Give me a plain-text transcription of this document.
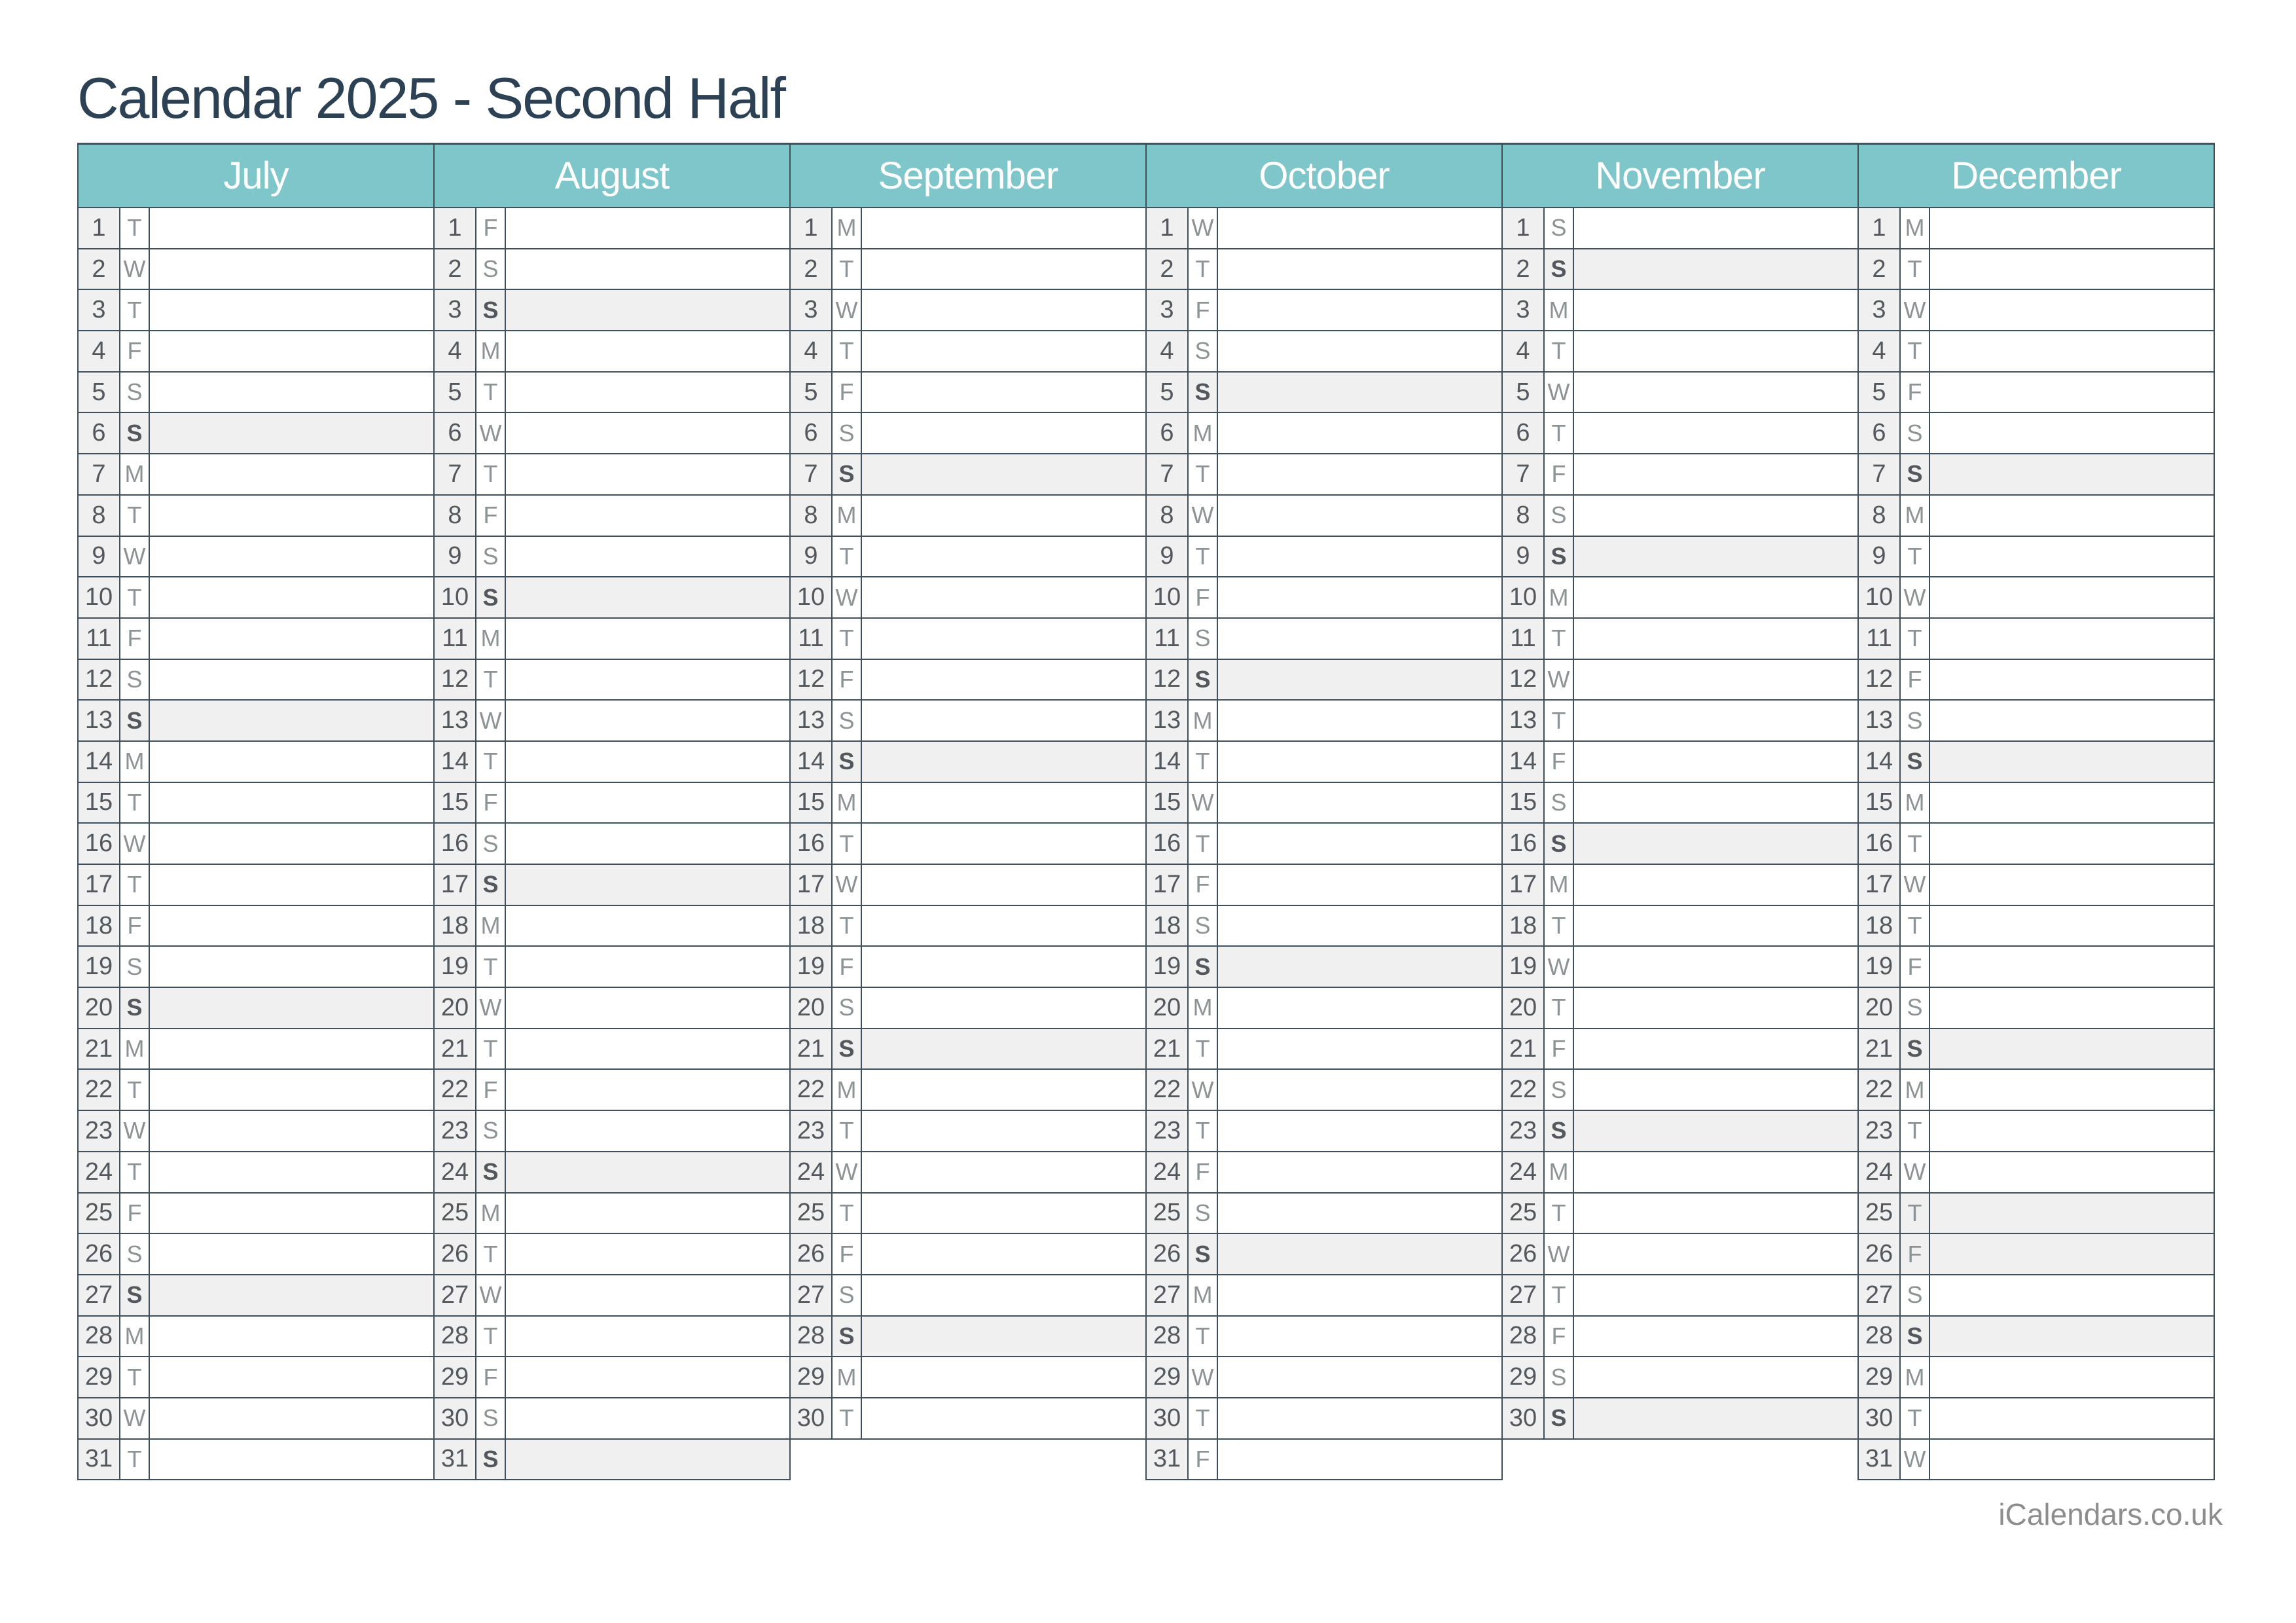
Calendar 2025 - Second Half
July
1 T
2 W
3 T
4 F
5 S
6 S
7 M
8 T
9 W
10 T
11 F
12 S
13 S
14 M
15 T
16 W
17 T
18 F
19 S
20 S
21 M
22 T
23 W
24 T
25 F
26 S
27 S
28 M
29 T
30 W
31 T
August
1 F
2 S
3 S
4 M
5 T
6 W
7 T
8 F
9 S
10 S
11 M
12 T
13 W
14 T
15 F
16 S
17 S
18 M
19 T
20 W
21 T
22 F
23 S
24 S
25 M
26 T
27 W
28 T
29 F
30 S
31 S
September
1 M
2 T
3 W
4 T
5 F
6 S
7 S
8 M
9 T
10 W
11 T
12 F
13 S
14 S
15 M
16 T
17 W
18 T
19 F
20 S
21 S
22 M
23 T
24 W
25 T
26 F
27 S
28 S
29 M
30 T
October
1 W
2 T
3 F
4 S
5 S
6 M
7 T
8 W
9 T
10 F
11 S
12 S
13 M
14 T
15 W
16 T
17 F
18 S
19 S
20 M
21 T
22 W
23 T
24 F
25 S
26 S
27 M
28 T
29 W
30 T
31 F
November
1 S
2 S
3 M
4 T
5 W
6 T
7 F
8 S
9 S
10 M
11 T
12 W
13 T
14 F
15 S
16 S
17 M
18 T
19 W
20 T
21 F
22 S
23 S
24 M
25 T
26 W
27 T
28 F
29 S
30 S
December
1 M
2 T
3 W
4 T
5 F
6 S
7 S
8 M
9 T
10 W
11 T
12 F
13 S
14 S
15 M
16 T
17 W
18 T
19 F
20 S
21 S
22 M
23 T
24 W
25 T
26 F
27 S
28 S
29 M
30 T
31 W
iCalendars.co.uk
